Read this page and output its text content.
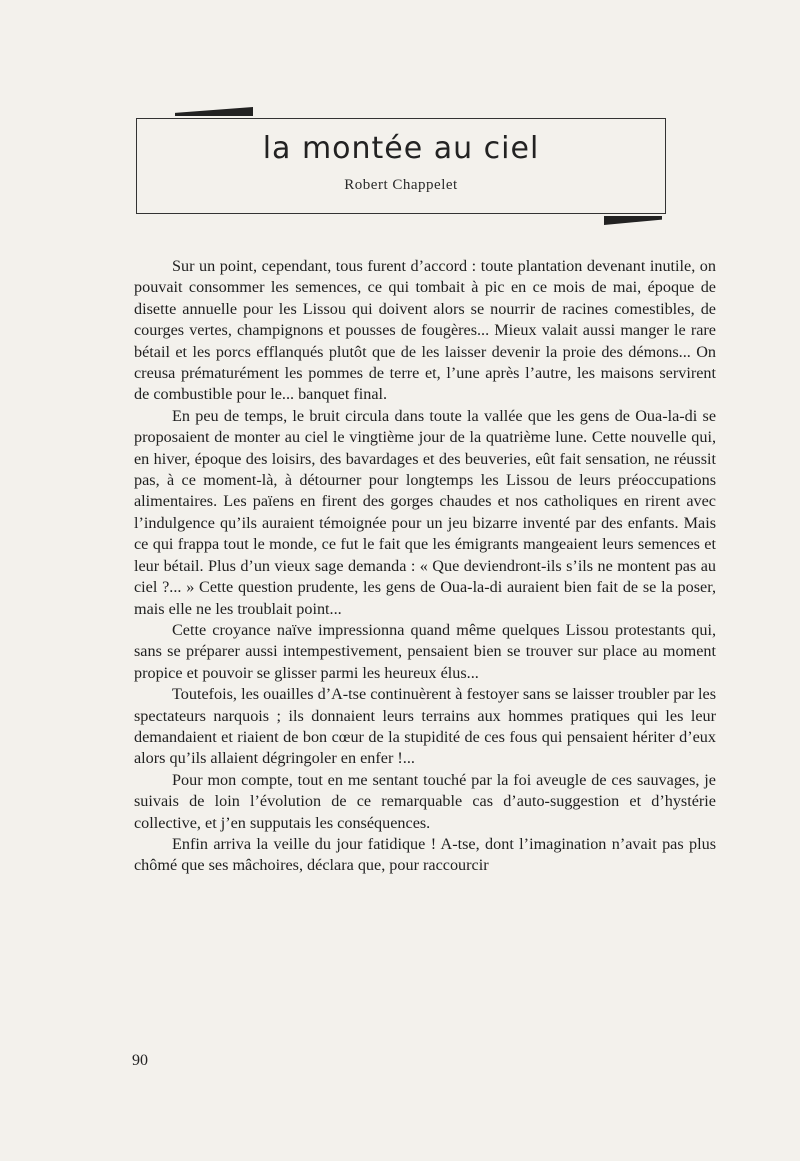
la montée au ciel
Robert Chappelet

Sur un point, cependant, tous furent d’accord : toute plantation devenant inutile, on pouvait consommer les semences, ce qui tombait à pic en ce mois de mai, époque de disette annuelle pour les Lissou qui doivent alors se nourrir de racines comestibles, de courges vertes, champignons et pousses de fougères... Mieux valait aussi manger le rare bétail et les porcs efflanqués plutôt que de les laisser devenir la proie des démons... On creusa prématurément les pommes de terre et, l’une après l’autre, les maisons servirent de combustible pour le... banquet final.

En peu de temps, le bruit circula dans toute la vallée que les gens de Oua-la-di se proposaient de monter au ciel le vingtième jour de la quatrième lune. Cette nouvelle qui, en hiver, époque des loisirs, des bavardages et des beuveries, eût fait sensation, ne réussit pas, à ce moment-là, à détourner pour longtemps les Lissou de leurs préoccupations alimentaires. Les païens en firent des gorges chaudes et nos catholiques en rirent avec l’indulgence qu’ils auraient témoignée pour un jeu bizarre inventé par des enfants. Mais ce qui frappa tout le monde, ce fut le fait que les émigrants mangeaient leurs semences et leur bétail. Plus d’un vieux sage demanda : « Que deviendront-ils s’ils ne montent pas au ciel ?... » Cette question prudente, les gens de Oua-la-di auraient bien fait de se la poser, mais elle ne les troublait point...

Cette croyance naïve impressionna quand même quelques Lissou protestants qui, sans se préparer aussi intempestivement, pensaient bien se trouver sur place au moment propice et pouvoir se glisser parmi les heureux élus...

Toutefois, les ouailles d’A-tse continuèrent à festoyer sans se laisser troubler par les spectateurs narquois ; ils donnaient leurs terrains aux hommes pratiques qui les leur demandaient et riaient de bon cœur de la stupidité de ces fous qui pensaient hériter d’eux alors qu’ils allaient dégringoler en enfer !...

Pour mon compte, tout en me sentant touché par la foi aveugle de ces sauvages, je suivais de loin l’évolution de ce remarquable cas d’auto-suggestion et d’hystérie collective, et j’en supputais les conséquences.

Enfin arriva la veille du jour fatidique ! A-tse, dont l’imagination n’avait pas plus chômé que ses mâchoires, déclara que, pour raccourcir

90
